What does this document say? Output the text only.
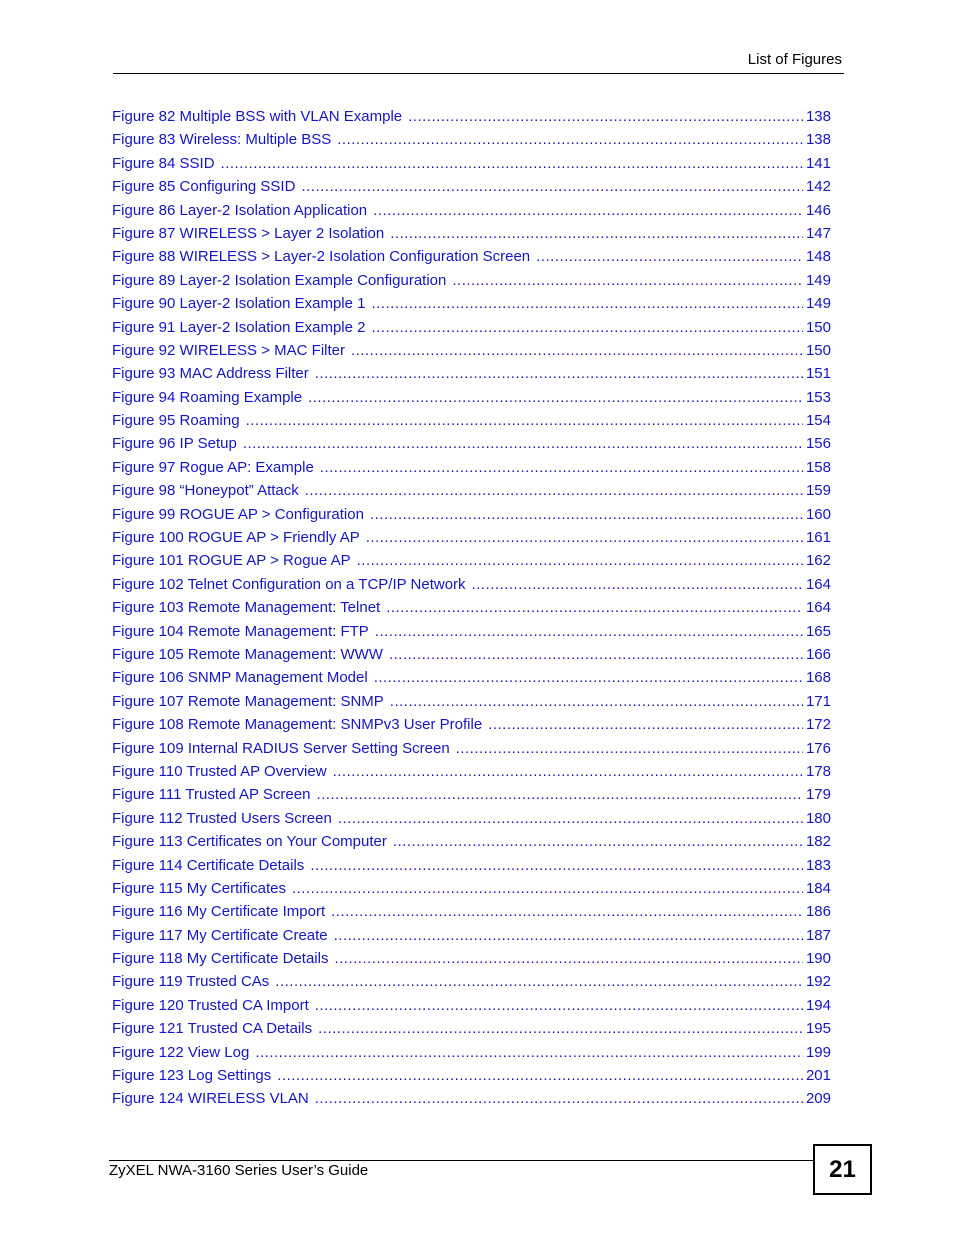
List of Figures
Figure 82 Multiple BSS with VLAN Example .....	138
Figure 83 Wireless: Multiple BSS .....	138
Figure 84 SSID .....	141
Figure 85 Configuring SSID .....	142
Figure 86 Layer-2 Isolation Application .....	146
Figure 87 WIRELESS > Layer 2 Isolation .....	147
Figure 88 WIRELESS > Layer-2 Isolation Configuration Screen .....	148
Figure 89 Layer-2 Isolation Example Configuration .....	149
Figure 90 Layer-2 Isolation Example 1 .....	149
Figure 91 Layer-2 Isolation Example 2 .....	150
Figure 92 WIRELESS > MAC Filter .....	150
Figure 93 MAC Address Filter .....	151
Figure 94 Roaming Example .....	153
Figure 95 Roaming .....	154
Figure 96 IP Setup .....	156
Figure 97 Rogue AP: Example .....	158
Figure 98 “Honeypot” Attack .....	159
Figure 99 ROGUE AP > Configuration .....	160
Figure 100 ROGUE AP > Friendly AP .....	161
Figure 101 ROGUE AP > Rogue AP .....	162
Figure 102 Telnet Configuration on a TCP/IP Network .....	164
Figure 103 Remote Management: Telnet .....	164
Figure 104 Remote Management: FTP .....	165
Figure 105 Remote Management: WWW .....	166
Figure 106 SNMP Management Model .....	168
Figure 107 Remote Management: SNMP .....	171
Figure 108 Remote Management: SNMPv3 User Profile .....	172
Figure 109 Internal RADIUS Server Setting Screen .....	176
Figure 110 Trusted AP Overview .....	178
Figure 111 Trusted AP Screen .....	179
Figure 112 Trusted Users Screen .....	180
Figure 113 Certificates on Your Computer .....	182
Figure 114 Certificate Details .....	183
Figure 115 My Certificates .....	184
Figure 116 My Certificate Import .....	186
Figure 117 My Certificate Create .....	187
Figure 118 My Certificate Details .....	190
Figure 119 Trusted CAs .....	192
Figure 120 Trusted CA Import .....	194
Figure 121 Trusted CA Details .....	195
Figure 122 View Log .....	199
Figure 123 Log Settings .....	201
Figure 124 WIRELESS VLAN .....	209
ZyXEL NWA-3160 Series User’s Guide	21
